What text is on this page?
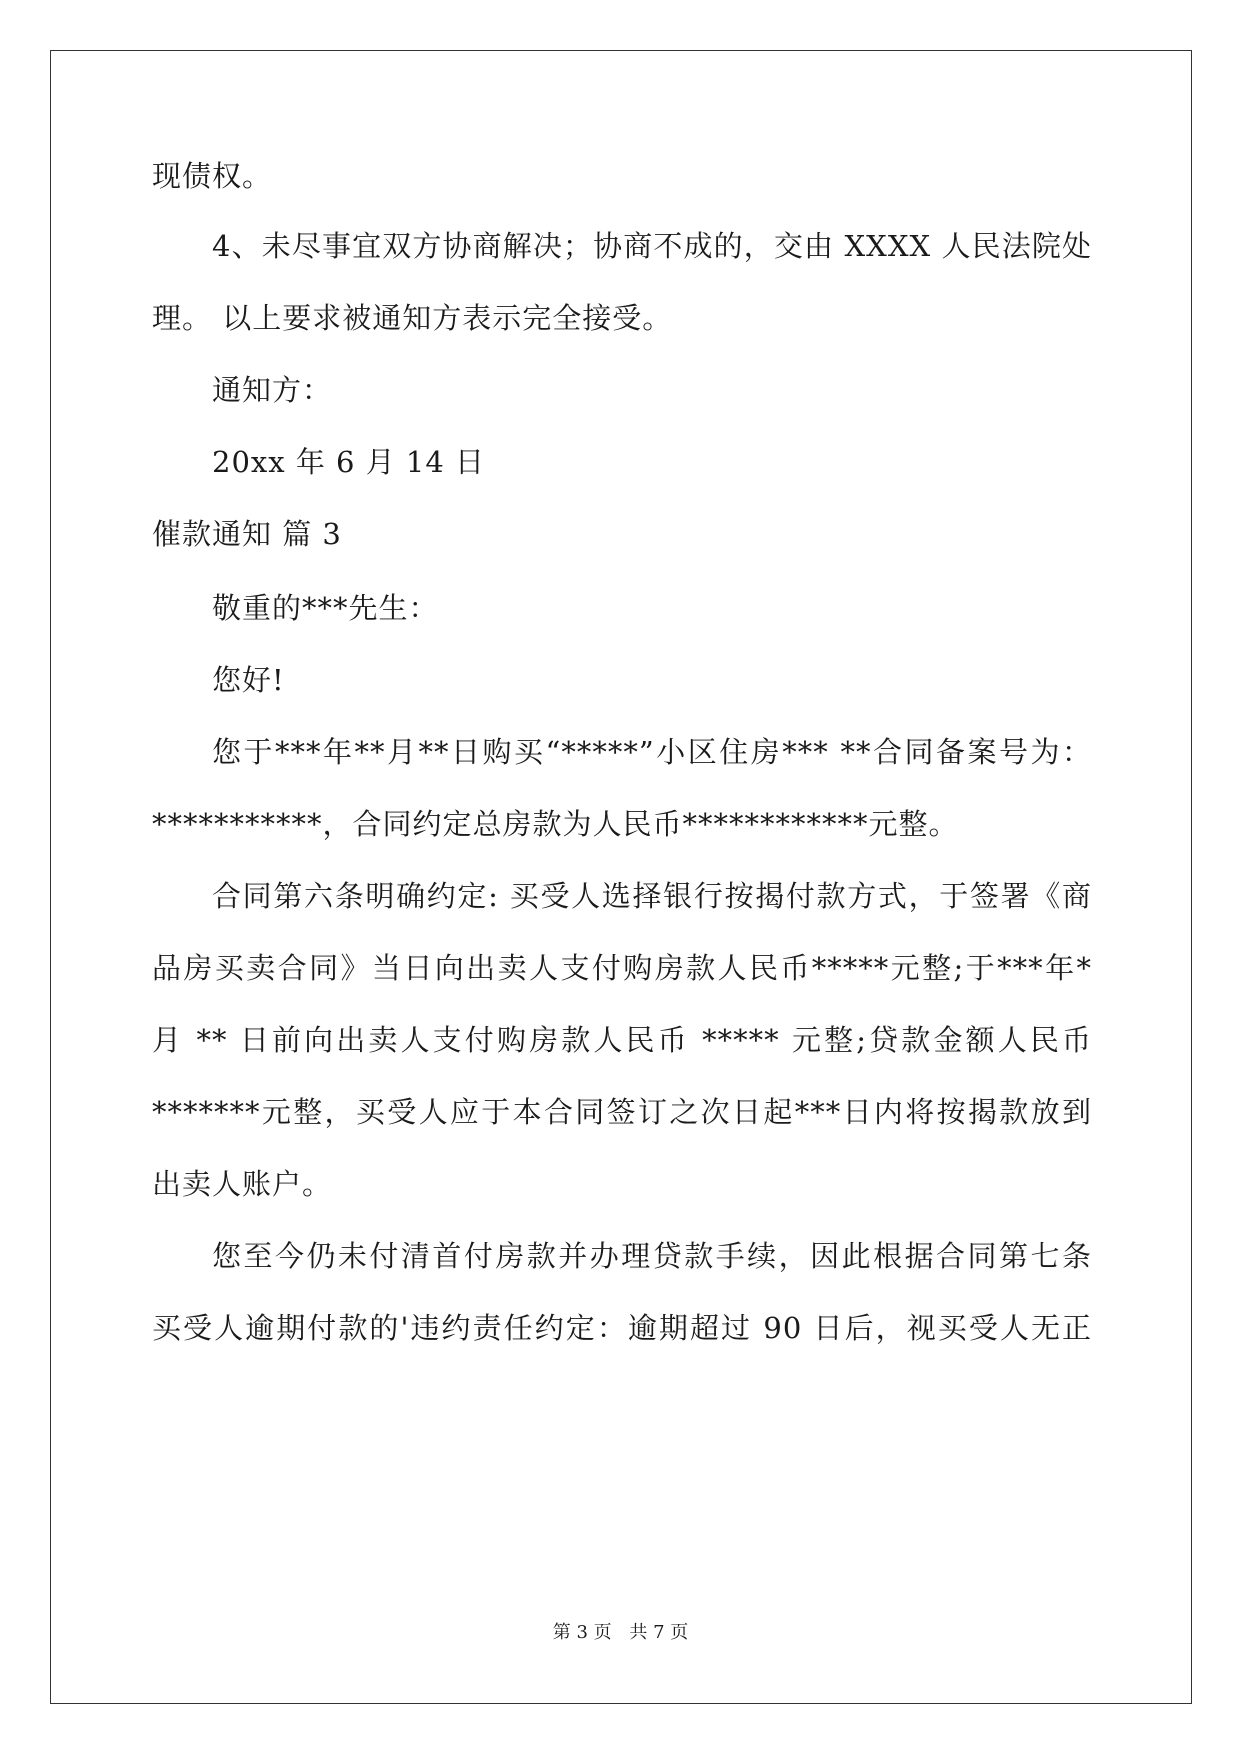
现债权。
4、未尽事宜双方协商解决；协商不成的，交由 XXXX 人民法院处
理。 以上要求被通知方表示完全接受。
通知方：
20xx 年 6 月 14 日
催款通知 篇 3
敬重的***先生：
您好!
您于***年**月**日购买“*****”小区住房*** **合同备案号为：
***********，合同约定总房款为人民币************元整。
合同第六条明确约定: 买受人选择银行按揭付款方式，于签署《商
品房买卖合同》当日向出卖人支付购房款人民币*****元整;于***年*
月 ** 日前向出卖人支付购房款人民币 ***** 元整;贷款金额人民币
*******元整，买受人应于本合同签订之次日起***日内将按揭款放到
出卖人账户。
您至今仍未付清首付房款并办理贷款手续，因此根据合同第七条
买受人逾期付款的'违约责任约定：逾期超过 90 日后，视买受人无正
第 3 页 共 7 页
